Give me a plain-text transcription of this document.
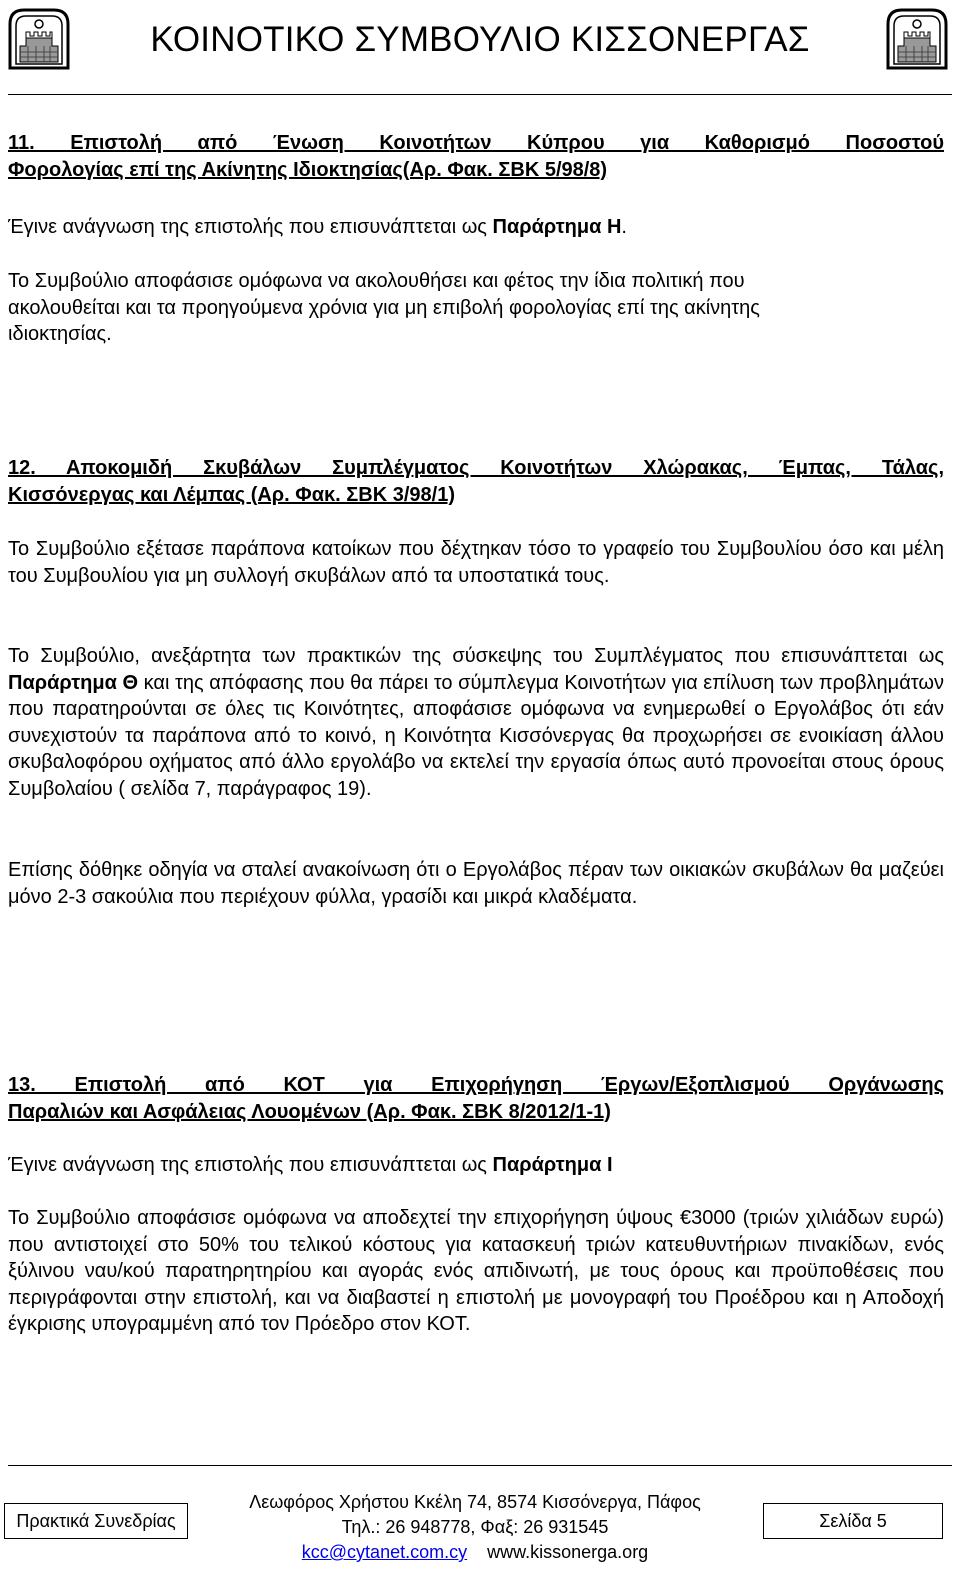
ΚΟΙΝΟΤΙΚΟ ΣΥΜΒΟΥΛΙΟ ΚΙΣΣΟΝΕΡΓΑΣ
11. Επιστολή από Ένωση Κοινοτήτων Κύπρου για Καθορισμό Ποσοστού
Φορολογίας επί της Ακίνητης Ιδιοκτησίας(Αρ. Φακ. ΣΒΚ 5/98/8)
Έγινε ανάγνωση της επιστολής που επισυνάπτεται ως Παράρτημα Η.
Το Συμβούλιο αποφάσισε ομόφωνα να ακολουθήσει και φέτος την ίδια πολιτική που
ακολουθείται και τα προηγούμενα χρόνια για μη επιβολή φορολογίας επί της ακίνητης
ιδιοκτησίας.
12. Αποκομιδή Σκυβάλων Συμπλέγματος Κοινοτήτων Χλώρακας, Έμπας, Τάλας,
Κισσόνεργας και Λέμπας (Αρ. Φακ. ΣΒΚ 3/98/1)
Το Συμβούλιο εξέτασε παράπονα κατοίκων που δέχτηκαν τόσο το γραφείο του Συμβουλίου όσο και μέλη του Συμβουλίου για μη συλλογή σκυβάλων από τα υποστατικά τους.
Το Συμβούλιο, ανεξάρτητα των πρακτικών της σύσκεψης του Συμπλέγματος που επισυνάπτεται ως Παράρτημα Θ και της απόφασης που θα πάρει το σύμπλεγμα Κοινοτήτων για επίλυση των προβλημάτων που παρατηρούνται σε όλες τις Κοινότητες, αποφάσισε ομόφωνα να ενημερωθεί ο Εργολάβος ότι εάν συνεχιστούν τα παράπονα από το κοινό, η Κοινότητα Κισσόνεργας θα προχωρήσει σε ενοικίαση άλλου σκυβαλοφόρου οχήματος από άλλο εργολάβο να εκτελεί την εργασία όπως αυτό προνοείται στους όρους Συμβολαίου ( σελίδα 7, παράγραφος 19).
Επίσης δόθηκε οδηγία να σταλεί ανακοίνωση ότι ο Εργολάβος πέραν των οικιακών σκυβάλων θα μαζεύει μόνο 2-3 σακούλια που περιέχουν φύλλα, γρασίδι και μικρά κλαδέματα.
13. Επιστολή από ΚΟΤ για Επιχορήγηση Έργων/Εξοπλισμού Οργάνωσης
Παραλιών και Ασφάλειας Λουομένων (Αρ. Φακ. ΣΒΚ 8/2012/1-1)
Έγινε ανάγνωση της επιστολής που επισυνάπτεται ως Παράρτημα Ι
Το Συμβούλιο αποφάσισε ομόφωνα να αποδεχτεί την επιχορήγηση ύψους €3000 (τριών χιλιάδων ευρώ) που αντιστοιχεί στο 50% του τελικού κόστους για κατασκευή τριών κατευθυντήριων πινακίδων, ενός ξύλινου ναυ/κού παρατηρητηρίου και αγοράς ενός απιδινωτή, με τους όρους και προϋποθέσεις που περιγράφονται στην επιστολή, και να διαβαστεί η επιστολή με μονογραφή του Προέδρου και η Αποδοχή έγκρισης υπογραμμένη από τον Πρόεδρο στον ΚΟΤ.
Πρακτικά Συνεδρίας
Λεωφόρος Χρήστου Κκέλη 74, 8574 Κισσόνεργα, Πάφος
Τηλ.: 26 948778, Φαξ: 26 931545
kcc@cytanet.com.cy www.kissonerga.org
Σελίδα 5
